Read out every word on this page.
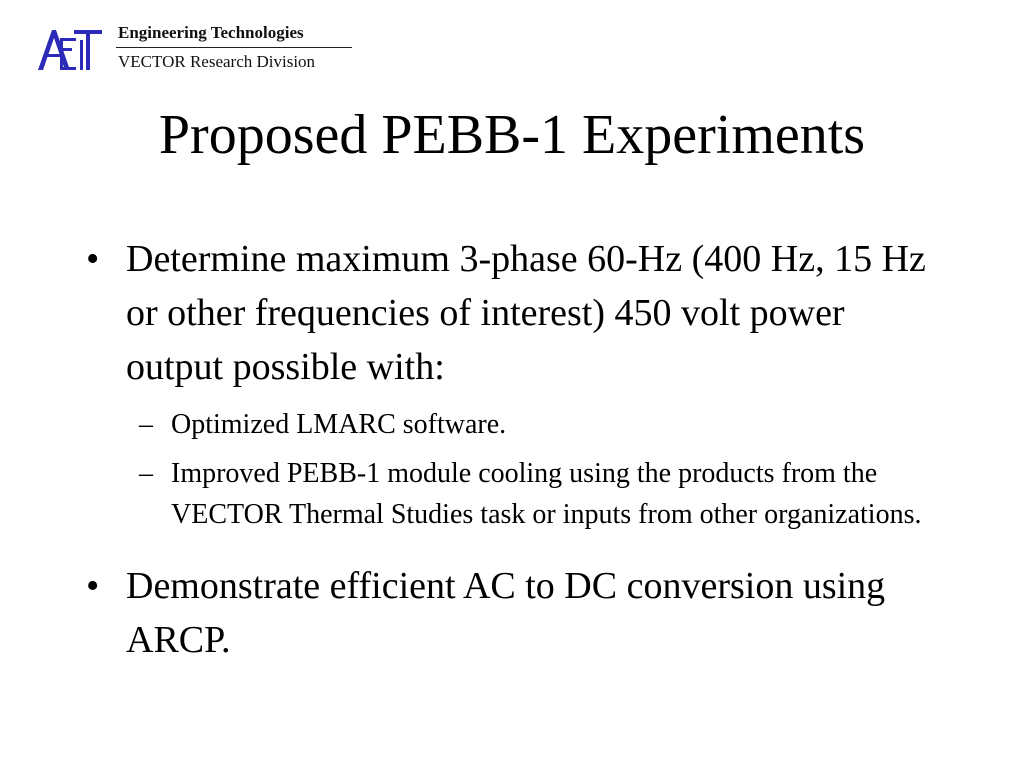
Engineering Technologies
VECTOR Research Division
Proposed PEBB-1 Experiments
• Determine maximum 3-phase 60-Hz (400 Hz, 15 Hz or other frequencies of interest) 450 volt power output possible with:
– Optimized LMARC software.
– Improved PEBB-1 module cooling using the products from the VECTOR Thermal Studies task or inputs from other organizations.
• Demonstrate efficient AC to DC conversion using ARCP.
